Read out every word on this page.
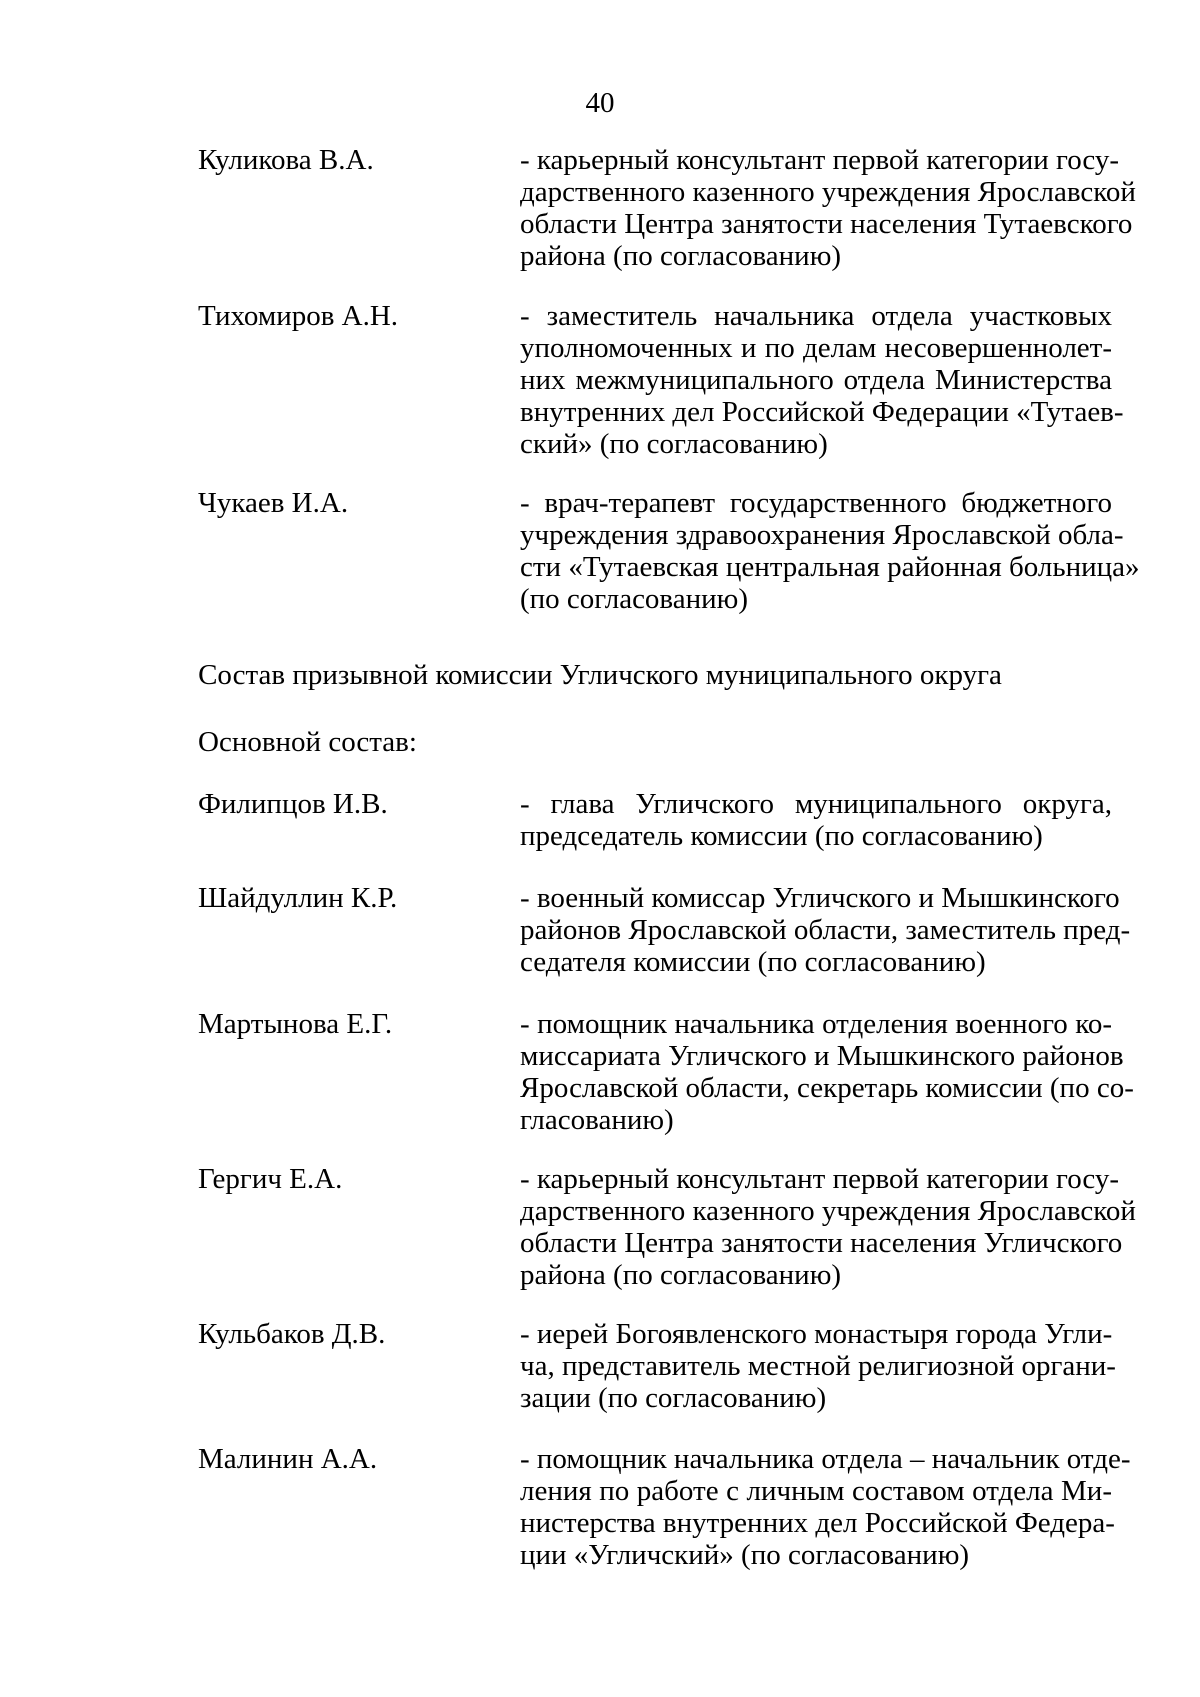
40
Куликова В.А.	- карьерный консультант первой категории госу-
дарственного казенного учреждения Ярославской
области Центра занятости населения Тутаевского
района (по согласованию)
Тихомиров А.Н.	- заместитель начальника отдела участковых
уполномоченных и по делам несовершеннолет-
них межмуниципального отдела Министерства
внутренних дел Российской Федерации «Тутаев-
ский» (по согласованию)
Чукаев И.А.	- врач-терапевт государственного бюджетного
учреждения здравоохранения Ярославской обла-
сти «Тутаевская центральная районная больница»
(по согласованию)
Состав призывной комиссии Угличского муниципального округа
Основной состав:
Филипцов И.В.	- глава Угличского муниципального округа,
председатель комиссии (по согласованию)
Шайдуллин К.Р.	- военный комиссар Угличского и Мышкинского
районов Ярославской области, заместитель пред-
седателя комиссии (по согласованию)
Мартынова Е.Г.	- помощник начальника отделения военного ко-
миссариата Угличского и Мышкинского районов
Ярославской области, секретарь комиссии (по со-
гласованию)
Гергич Е.А.	- карьерный консультант первой категории госу-
дарственного казенного учреждения Ярославской
области Центра занятости населения Угличского
района (по согласованию)
Кульбаков Д.В.	- иерей Богоявленского монастыря города Угли-
ча, представитель местной религиозной органи-
зации (по согласованию)
Малинин А.А.	- помощник начальника отдела – начальник отде-
ления по работе с личным составом отдела Ми-
нистерства внутренних дел Российской Федера-
ции «Угличский» (по согласованию)
